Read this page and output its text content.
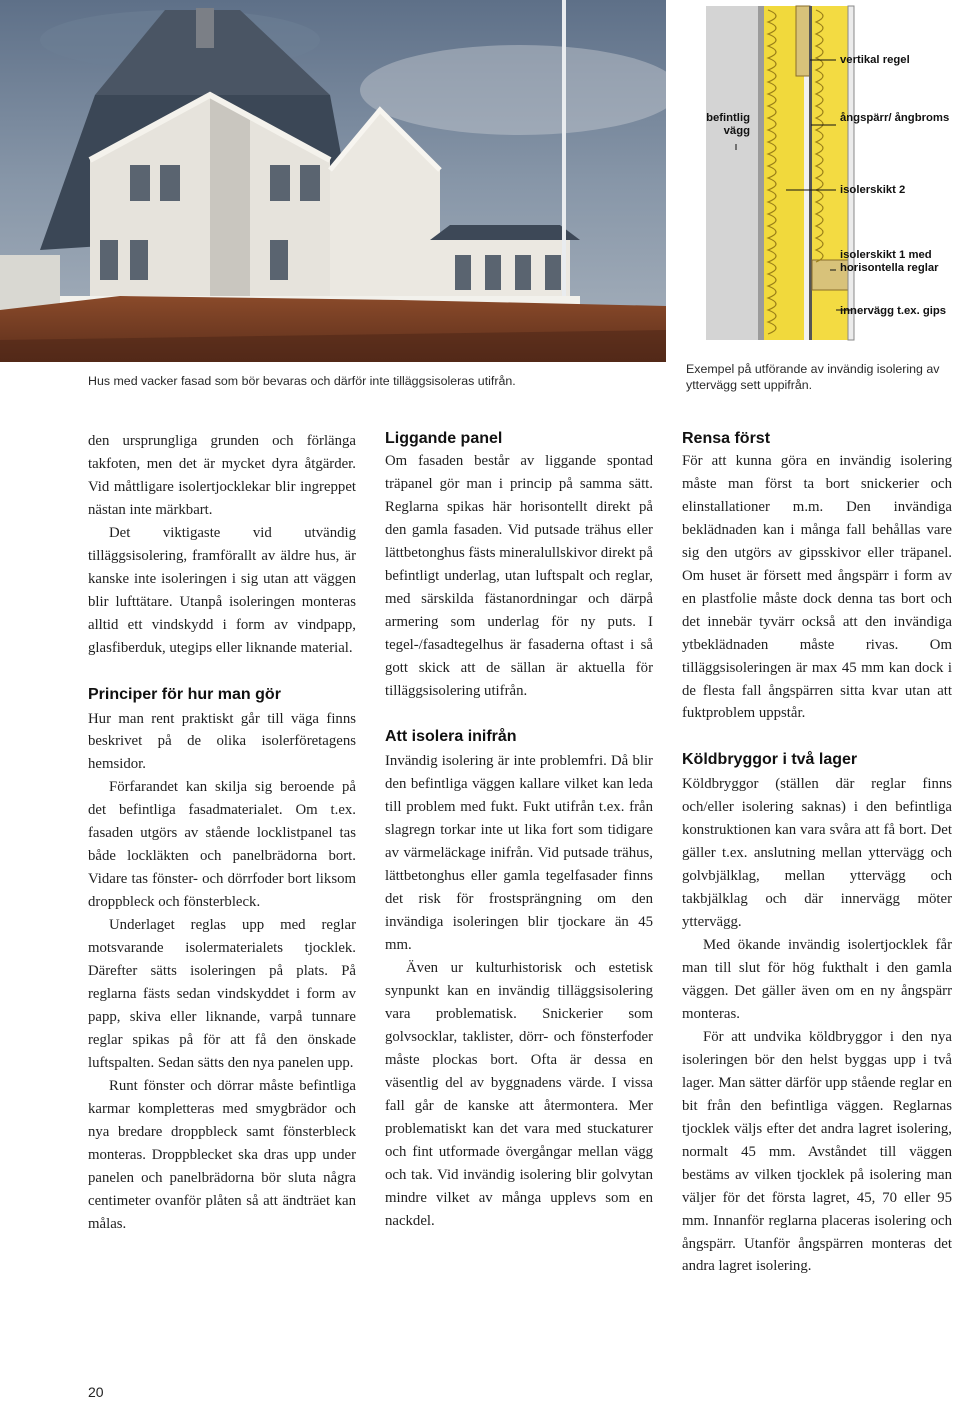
Hus med vacker fasad som bör bevaras och därför inte tilläggsisoleras utifrån.
vertikal regel
befintlig vägg
ångspärr/ ångbroms
isolerskikt 2
isolerskikt 1 med horisontella reglar
innervägg t.ex. gips
Exempel på utförande av invändig isolering av yttervägg sett uppifrån.

den ursprungliga grunden och förlänga takfoten, men det är mycket dyra åtgärder. Vid måttligare isolertjocklekar blir ingreppet nästan inte märkbart.

Det viktigaste vid utvändig tilläggsisolering, framförallt av äldre hus, är kanske inte isoleringen i sig utan att väggen blir lufttätare. Utanpå isoleringen monteras alltid ett vindskydd i form av vindpapp, glasfiberduk, utegips eller liknande material.

Principer för hur man gör

Hur man rent praktiskt går till väga finns beskrivet på de olika isolerföretagens hemsidor.

Förfarandet kan skilja sig beroende på det befintliga fasadmaterialet. Om t.ex. fasaden utgörs av stående locklistpanel tas både lockläkten och panelbrädorna bort. Vidare tas fönster- och dörrfoder bort liksom droppbleck och fönsterbleck.

Underlaget reglas upp med reglar motsvarande isolermaterialets tjocklek. Därefter sätts isoleringen på plats. På reglarna fästs sedan vindskyddet i form av papp, skiva eller liknande, varpå tunnare reglar spikas på för att få den önskade luftspalten. Sedan sätts den nya panelen upp.

Runt fönster och dörrar måste befintliga karmar kompletteras med smygbrädor och nya bredare droppbleck samt fönsterbleck monteras. Droppblecket ska dras upp under panelen och panelbrädorna bör sluta några centimeter ovanför plåten så att ändträet kan målas.

Liggande panel

Om fasaden består av liggande spontad träpanel gör man i princip på samma sätt. Reglarna spikas här horisontellt direkt på den gamla fasaden. Vid putsade trähus eller lättbetonghus fästs mineralullskivor direkt på befintligt underlag, utan luftspalt och reglar, med särskilda fästanordningar och därpå armering som underlag för ny puts. I tegel-/fasadtegelhus är fasaderna oftast i så gott skick att de sällan är aktuella för tilläggsisolering utifrån.

Att isolera inifrån

Invändig isolering är inte problemfri. Då blir den befintliga väggen kallare vilket kan leda till problem med fukt. Fukt utifrån t.ex. från slagregn torkar inte ut lika fort som tidigare av värmeläckage inifrån. Vid putsade trähus, lättbetonghus eller gamla tegelfasader finns det risk för frostsprängning om den invändiga isoleringen blir tjockare än 45 mm.

Även ur kulturhistorisk och estetisk synpunkt kan en invändig tilläggsisolering vara problematisk. Snickerier som golvsocklar, taklister, dörr- och fönsterfoder måste plockas bort. Ofta är dessa en väsentlig del av byggnadens värde. I vissa fall går de kanske att återmontera. Mer problematiskt kan det vara med stuckaturer och fint utformade övergångar mellan vägg och tak. Vid invändig isolering blir golvytan mindre vilket av många upplevs som en nackdel.

Rensa först

För att kunna göra en invändig isolering måste man först ta bort snickerier och elinstallationer m.m. Den invändiga beklädnaden kan i många fall behållas vare sig den utgörs av gipsskivor eller träpanel. Om huset är försett med ångspärr i form av en plastfolie måste dock denna tas bort och det innebär tyvärr också att den invändiga ytbeklädnaden måste rivas. Om tilläggsisoleringen är max 45 mm kan dock i de flesta fall ångspärren sitta kvar utan att fuktproblem uppstår.

Köldbryggor i två lager

Köldbryggor (ställen där reglar finns och/eller isolering saknas) i den befintliga konstruktionen kan vara svåra att få bort. Det gäller t.ex. anslutning mellan yttervägg och golvbjälklag, mellan yttervägg och takbjälklag och där innervägg möter yttervägg.

Med ökande invändig isolertjocklek får man till slut för hög fukthalt i den gamla väggen. Det gäller även om en ny ångspärr monteras.

För att undvika köldbryggor i den nya isoleringen bör den helst byggas upp i två lager. Man sätter därför upp stående reglar en bit från den befintliga väggen. Reglarnas tjocklek väljs efter det andra lagret isolering, normalt 45 mm. Avståndet till väggen bestäms av vilken tjocklek på isolering man väljer för det första lagret, 45, 70 eller 95 mm. Innanför reglarna placeras isolering och ångspärr. Utanför ångspärren monteras det andra lagret isolering.

20
